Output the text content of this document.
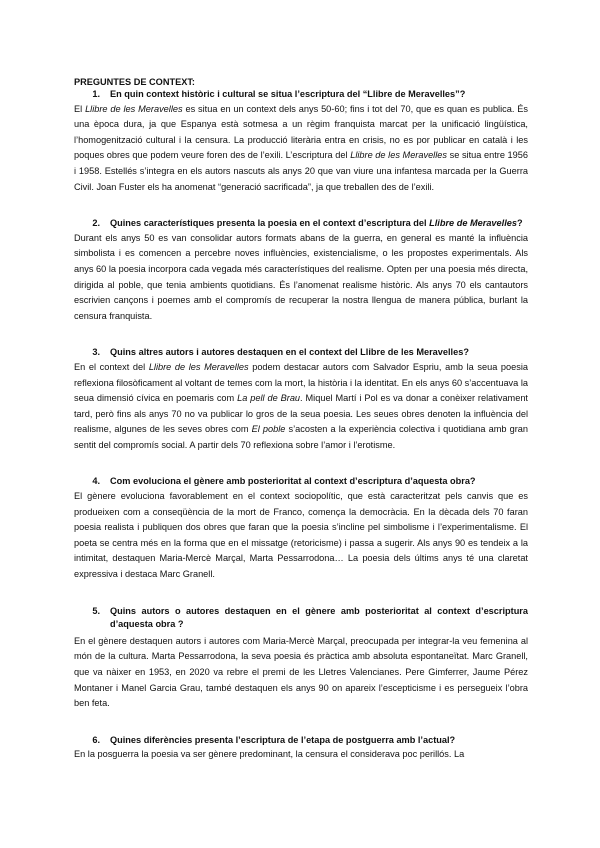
PREGUNTES DE CONTEXT:

1.	En quin context històric i cultural se situa l’escriptura del “Llibre de Meravelles”?

El Llibre de les Meravelles es situa en un context dels anys 50-60; fins i tot del 70, que es quan es publica. És una època dura, ja que Espanya està sotmesa a un règim franquista marcat per la unificació lingüística, l’homogenització cultural i la censura. La producció literària entra en crisis, no es por publicar en català i les poques obres que podem veure foren des de l’exili. L’escriptura del Llibre de les Meravelles se situa entre 1956 i 1958. Estellés s’integra en els autors nascuts als anys 20 que van viure una infantesa marcada per la Guerra Civil. Joan Fuster els ha anomenat “generació sacrificada”, ja que treballen des de l’exili.

2.	Quines característiques presenta la poesia en el context d’escriptura del Llibre de Meravelles?

Durant els anys 50 es van consolidar autors formats abans de la guerra, en general es manté la influència simbolista i es comencen a percebre noves influències, existencialisme, o les propostes experimentals. Als anys 60 la poesia incorpora cada vegada més característiques del realisme. Opten per una poesia més directa, dirigida al poble, que tenia ambients quotidians. És l’anomenat realisme històric. Als anys 70 els cantautors escrivien cançons i poemes amb el compromís de recuperar la nostra llengua de manera pública, burlant la censura franquista.

3.	Quins altres autors i autores destaquen en el context del Llibre de les Meravelles?

En el context del Llibre de les Meravelles podem destacar autors com Salvador Espriu, amb la seua poesia reflexiona filosòficament al voltant de temes com la mort, la història i la identitat. En els anys 60 s’accentuava la seua dimensió cívica en poemaris com La pell de Brau. Miquel Martí i Pol es va donar a conèixer relativament tard, però fins als anys 70 no va publicar lo gros de la seua poesia. Les seues obres denoten la influència del realisme, algunes de les seves obres com El poble s’acosten a la experiència colectiva i quotidiana amb gran sentit del compromís social. A partir dels 70 reflexiona sobre l’amor i l’erotisme.

4.	Com evoluciona el gènere amb posterioritat al context d’escriptura d’aquesta obra?

El gènere evoluciona favorablement en el context sociopolític, que està caracteritzat pels canvis que es produeixen com a conseqüència de la mort de Franco, comença la democràcia. En la dècada dels 70 faran poesia realista i publiquen dos obres que faran que la poesia s’incline pel simbolisme i l’experimentalisme. El poeta se centra més en la forma que en el missatge (retoricisme) i passa a sugerir. Als anys 90 es tendeix a la intimitat, destaquen Maria-Mercè Marçal, Marta Pessarrodona… La poesia dels últims anys té una claretat expressiva i destaca Marc Granell.

5.	Quins autors o autores destaquen en el gènere amb posterioritat al context d’escriptura d’aquesta obra ?

En el gènere destaquen autors i autores com Maria-Mercè Marçal, preocupada per integrar-la veu femenina al món de la cultura. Marta Pessarrodona, la seva poesia és pràctica amb absoluta espontaneïtat. Marc Granell, que va nàixer en 1953, en 2020 va rebre el premi de les Lletres Valencianes. Pere Gimferrer, Jaume Pérez Montaner i Manel Garcia Grau, també destaquen els anys 90 on apareix l’escepticisme i es persegueix l’obra ben feta.

6.	Quines diferències presenta l’escriptura de l’etapa de postguerra amb l’actual?

En la posguerra la poesia va ser gènere predominant, la censura el considerava poc perillós. La
